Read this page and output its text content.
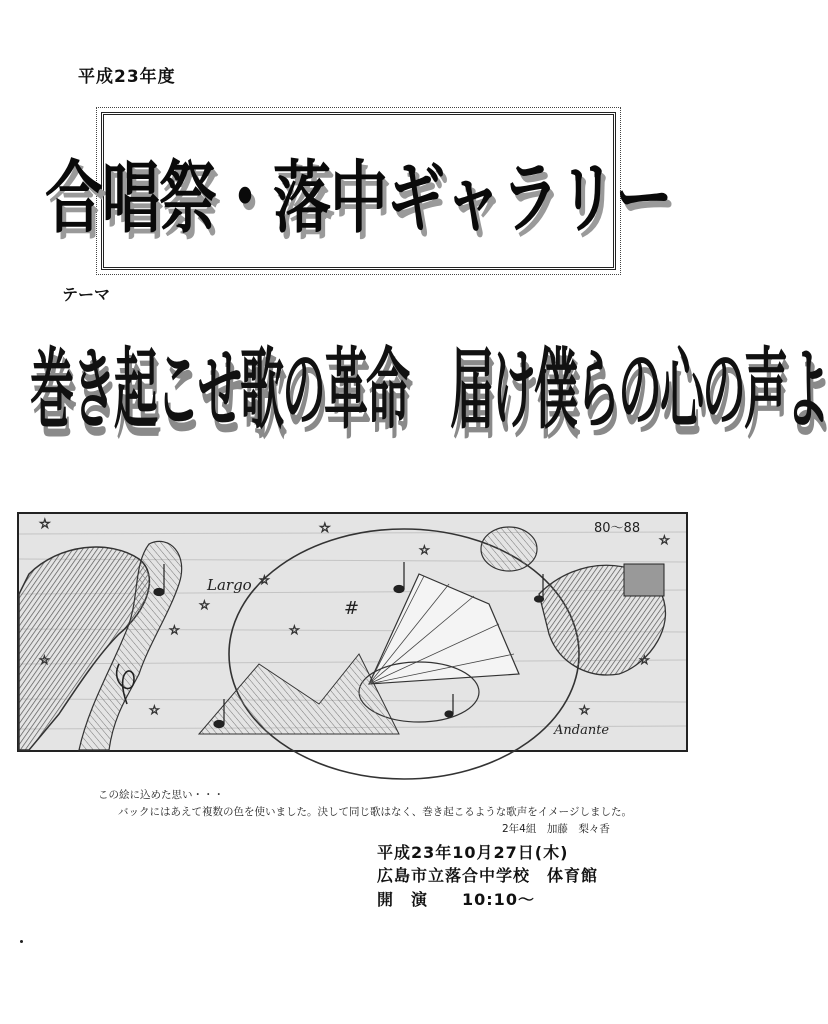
平成23年度
合唱祭・落中ギャラリー
テーマ
巻き起こせ歌の革命　届け僕らの心の声よ
☆	☆
☆
☆
☆
☆
☆
☆
☆
☆	☆
☆
Largo
Andante
80～88
#
この絵に込めた思い・・・
バックにはあえて複数の色を使いました。決して同じ歌はなく、巻き起こるような歌声をイメージしました。
2年4組　加藤　梨々香
平成23年10月27日(木)
広島市立落合中学校　体育館
開　演 10:10～
